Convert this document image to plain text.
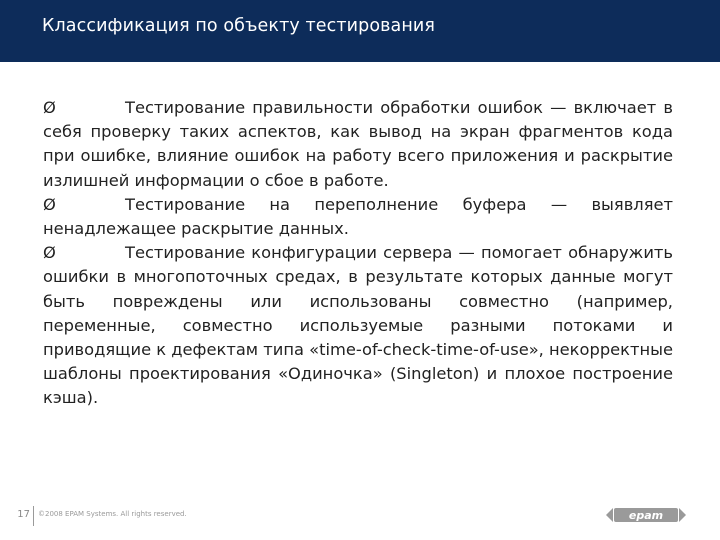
Классификация по объекту тестирования

Ø	Тестирование правильности обработки ошибок — включает в себя проверку таких аспектов, как вывод на экран фрагментов кода при ошибке, влияние ошибок на работу всего приложения и раскрытие излишней информации о сбое в работе.

Ø	Тестирование на переполнение буфера — выявляет ненадлежащее раскрытие данных.

Ø	Тестирование конфигурации сервера — помогает обнаружить ошибки в многопоточных средах, в результате которых данные могут быть повреждены или использованы совместно (например, переменные, совместно используемые разными потоками и приводящие к дефектам типа «time-of-check-time-of-use», некорректные шаблоны проектирования «Одиночка» (Singleton) и плохое построение кэша).

17 ©2008 EPAM Systems. All rights reserved.	epam
